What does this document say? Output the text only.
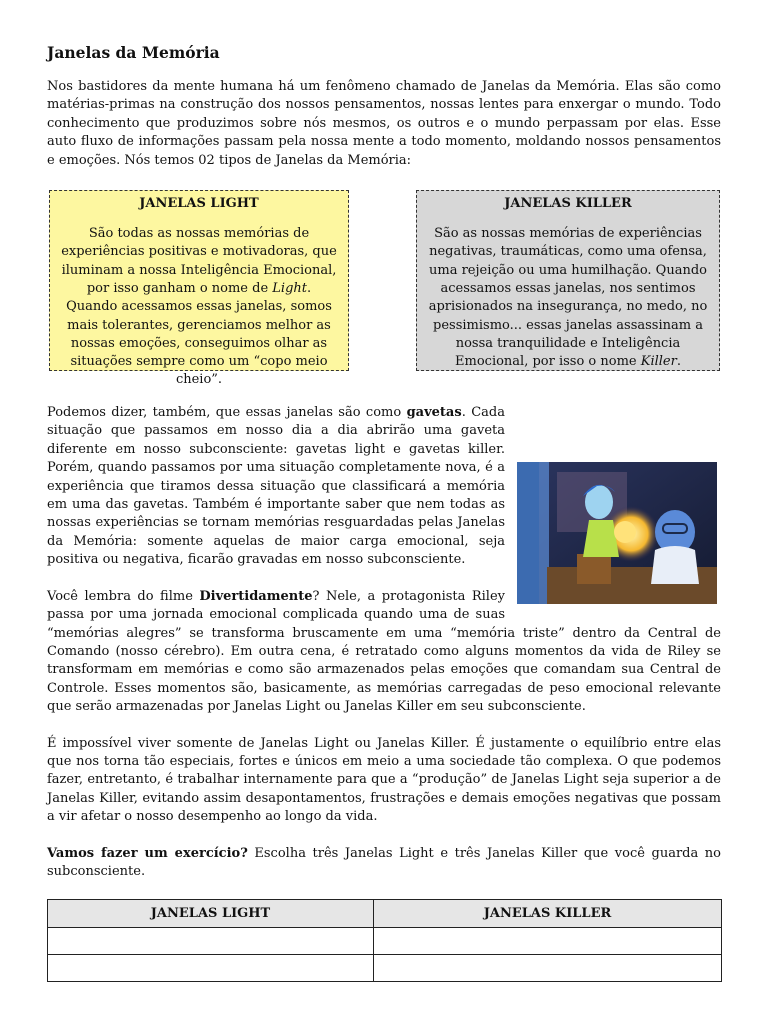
Janelas da Memória

Nos bastidores da mente humana há um fenômeno chamado de Janelas da Memória. Elas são como matérias-primas na construção dos nossos pensamentos, nossas lentes para enxergar o mundo. Todo conhecimento que produzimos sobre nós mesmos, os outros e o mundo perpassam por elas. Esse auto fluxo de informações passam pela nossa mente a todo momento, moldando nossos pensamentos e emoções. Nós temos 02 tipos de Janelas da Memória:

JANELAS LIGHT
São todas as nossas memórias de experiências positivas e motivadoras, que iluminam a nossa Inteligência Emocional, por isso ganham o nome de Light. Quando acessamos essas janelas, somos mais tolerantes, gerenciamos melhor as nossas emoções, conseguimos olhar as situações sempre como um “copo meio cheio”.
JANELAS KILLER
São as nossas memórias de experiências negativas, traumáticas, como uma ofensa, uma rejeição ou uma humilhação. Quando acessamos essas janelas, nos sentimos aprisionados na insegurança, no medo, no pessimismo... essas janelas assassinam a nossa tranquilidade e Inteligência Emocional, por isso o nome Killer.

Podemos dizer, também, que essas janelas são como gavetas. Cada situação que passamos em nosso dia a dia abrirão uma gaveta diferente em nosso subconsciente: gavetas light e gavetas killer. Porém, quando passamos por uma situação completamente nova, é a experiência que tiramos dessa situação que classificará a memória em uma das gavetas. Também é importante saber que nem todas as nossas experiências se tornam memórias resguardadas pelas Janelas da Memória: somente aquelas de maior carga emocional, seja positiva ou negativa, ficarão gravadas em nosso subconsciente.

Você lembra do filme Divertidamente? Nele, a protagonista Riley passa por uma jornada emocional complicada quando uma de suas “memórias alegres” se transforma bruscamente em uma “memória triste” dentro da Central de Comando (nosso cérebro). Em outra cena, é retratado como alguns momentos da vida de Riley se transformam em memórias e como são armazenados pelas emoções que comandam sua Central de Controle. Esses momentos são, basicamente, as memórias carregadas de peso emocional relevante que serão armazenadas por Janelas Light ou Janelas Killer em seu subconsciente.

É impossível viver somente de Janelas Light ou Janelas Killer. É justamente o equilíbrio entre elas que nos torna tão especiais, fortes e únicos em meio a uma sociedade tão complexa. O que podemos fazer, entretanto, é trabalhar internamente para que a “produção” de Janelas Light seja superior a de Janelas Killer, evitando assim desapontamentos, frustrações e demais emoções negativas que possam a vir afetar o nosso desempenho ao longo da vida.

Vamos fazer um exercício? Escolha três Janelas Light e três Janelas Killer que você guarda no subconsciente.

JANELAS LIGHT	JANELAS KILLER
